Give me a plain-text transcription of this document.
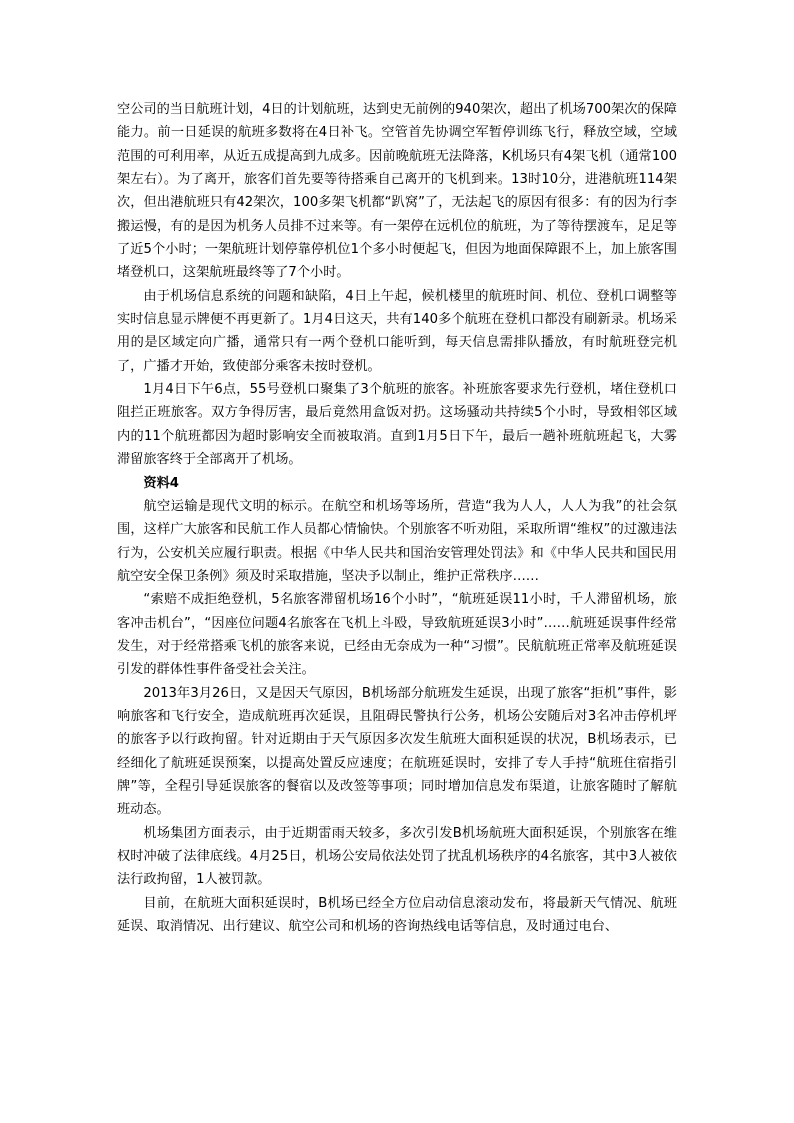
空公司的当日航班计划，4日的计划航班，达到史无前例的940架次，超出了机场700架次的保障能力。前一日延误的航班多数将在4日补飞。空管首先协调空军暂停训练飞行，释放空域，空域范围的可利用率，从近五成提高到九成多。因前晚航班无法降落，K机场只有4架飞机（通常100架左右）。为了离开，旅客们首先要等待搭乘自己离开的飞机到来。13时10分，进港航班114架次，但出港航班只有42架次，100多架飞机都“趴窝”了，无法起飞的原因有很多：有的因为行李搬运慢，有的是因为机务人员排不过来等。有一架停在远机位的航班，为了等待摆渡车，足足等了近5个小时；一架航班计划停靠停机位1个多小时便起飞，但因为地面保障跟不上，加上旅客围堵登机口，这架航班最终等了7个小时。

由于机场信息系统的问题和缺陷，4日上午起，候机楼里的航班时间、机位、登机口调整等实时信息显示牌便不再更新了。1月4日这天，共有140多个航班在登机口都没有刷新录。机场采用的是区域定向广播，通常只有一两个登机口能听到，每天信息需排队播放，有时航班登完机了，广播才开始，致使部分乘客未按时登机。

1月4日下午6点，55号登机口聚集了3个航班的旅客。补班旅客要求先行登机，堵住登机口阻拦正班旅客。双方争得厉害，最后竟然用盒饭对扔。这场骚动共持续5个小时，导致相邻区域内的11个航班都因为超时影响安全而被取消。直到1月5日下午，最后一趟补班航班起飞，大雾滞留旅客终于全部离开了机场。

资料4

航空运输是现代文明的标示。在航空和机场等场所，营造“我为人人，人人为我”的社会氛围，这样广大旅客和民航工作人员都心情愉快。个别旅客不听劝阻，采取所谓“维权”的过激违法行为，公安机关应履行职责。根据《中华人民共和国治安管理处罚法》和《中华人民共和国民用航空安全保卫条例》须及时采取措施，坚决予以制止，维护正常秩序……

“索赔不成拒绝登机，5名旅客滞留机场16个小时”，“航班延误11小时，千人滞留机场，旅客冲击机台”，“因座位问题4名旅客在飞机上斗殴，导致航班延误3小时”……航班延误事件经常发生，对于经常搭乘飞机的旅客来说，已经由无奈成为一种“习惯”。民航航班正常率及航班延误引发的群体性事件备受社会关注。

2013年3月26日，又是因天气原因，B机场部分航班发生延误，出现了旅客“拒机”事件，影响旅客和飞行安全，造成航班再次延误，且阻碍民警执行公务，机场公安随后对3名冲击停机坪的旅客予以行政拘留。针对近期由于天气原因多次发生航班大面积延误的状况，B机场表示，已经细化了航班延误预案，以提高处置反应速度；在航班延误时，安排了专人手持“航班住宿指引牌”等，全程引导延误旅客的餐宿以及改签等事项；同时增加信息发布渠道，让旅客随时了解航班动态。

机场集团方面表示，由于近期雷雨天较多，多次引发B机场航班大面积延误，个别旅客在维权时冲破了法律底线。4月25日，机场公安局依法处罚了扰乱机场秩序的4名旅客，其中3人被依法行政拘留，1人被罚款。

目前，在航班大面积延误时，B机场已经全方位启动信息滚动发布，将最新天气情况、航班延误、取消情况、出行建议、航空公司和机场的咨询热线电话等信息，及时通过电台、
